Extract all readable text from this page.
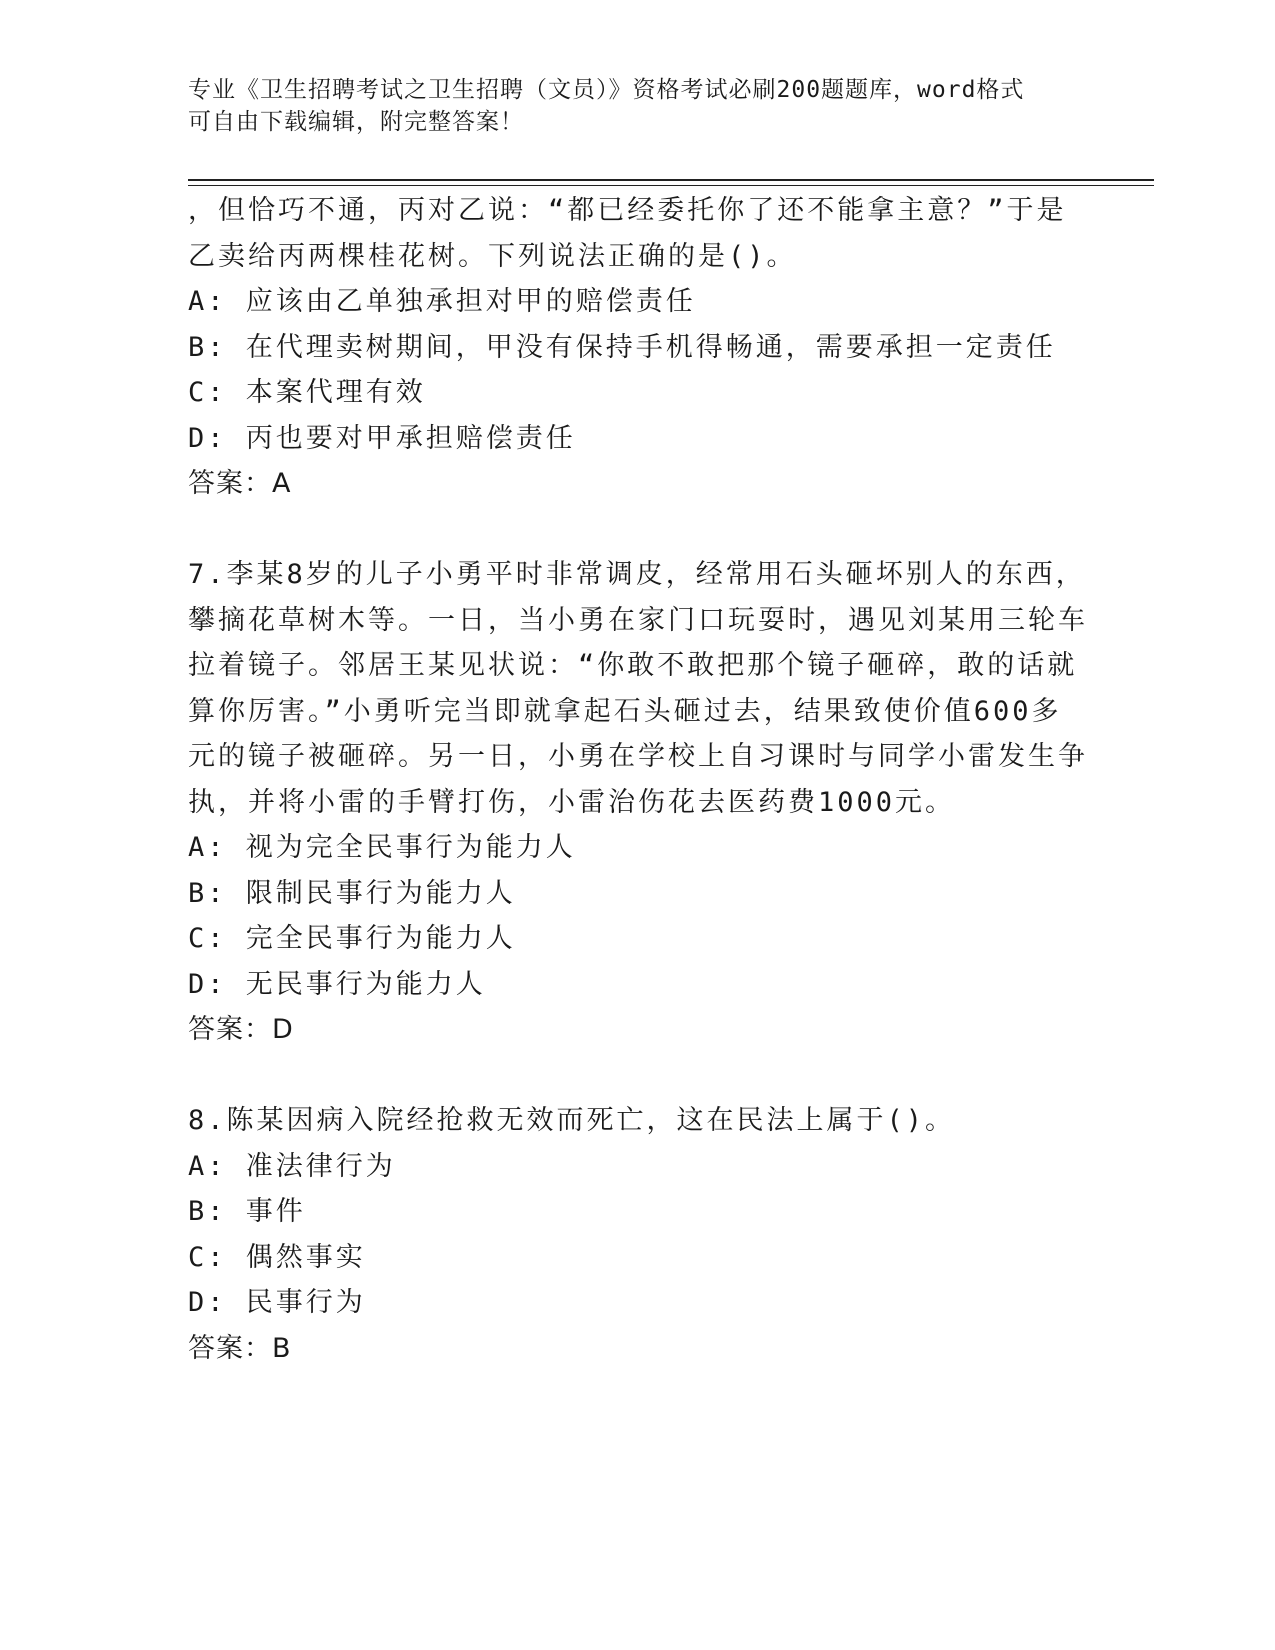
专业《卫生招聘考试之卫生招聘（文员）》资格考试必刷200题题库，word格式
可自由下载编辑，附完整答案！
，但恰巧不通，丙对乙说：“都已经委托你了还不能拿主意？”于是
乙卖给丙两棵桂花树。下列说法正确的是()。
A: 应该由乙单独承担对甲的赔偿责任
B: 在代理卖树期间，甲没有保持手机得畅通，需要承担一定责任
C: 本案代理有效
D: 丙也要对甲承担赔偿责任
答案：A
7.李某8岁的儿子小勇平时非常调皮，经常用石头砸坏别人的东西，
攀摘花草树木等。一日，当小勇在家门口玩耍时，遇见刘某用三轮车
拉着镜子。邻居王某见状说：“你敢不敢把那个镜子砸碎，敢的话就
算你厉害。”小勇听完当即就拿起石头砸过去，结果致使价值600多
元的镜子被砸碎。另一日，小勇在学校上自习课时与同学小雷发生争
执，并将小雷的手臂打伤，小雷治伤花去医药费1000元。
A: 视为完全民事行为能力人
B: 限制民事行为能力人
C: 完全民事行为能力人
D: 无民事行为能力人
答案：D
8.陈某因病入院经抢救无效而死亡，这在民法上属于()。
A: 准法律行为
B: 事件
C: 偶然事实
D: 民事行为
答案：B
